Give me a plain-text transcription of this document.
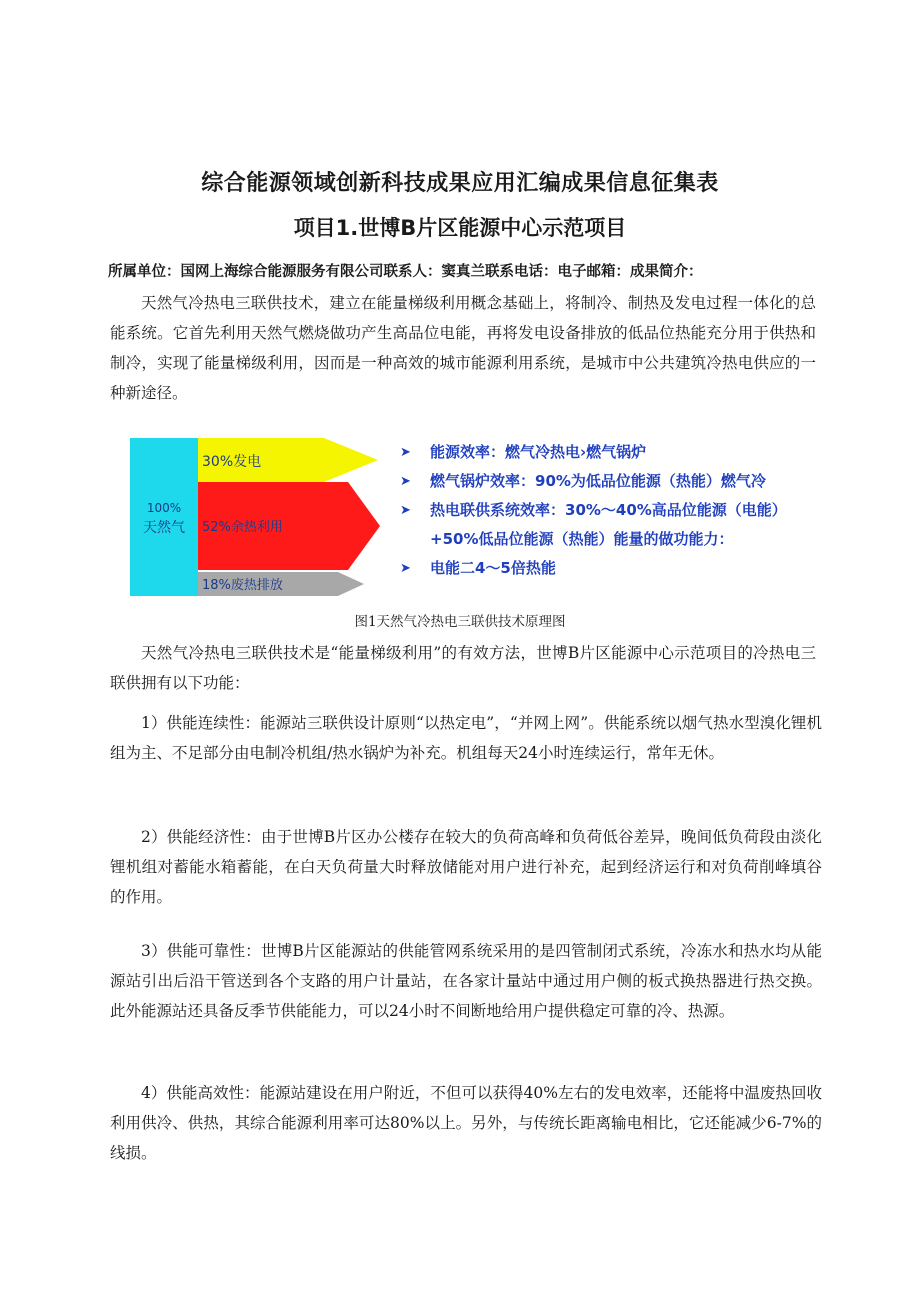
综合能源领域创新科技成果应用汇编成果信息征集表
项目1.世博B片区能源中心示范项目
所属单位：国网上海综合能源服务有限公司联系人：窦真兰联系电话：电子邮箱：成果简介：

天然气冷热电三联供技术，建立在能量梯级利用概念基础上，将制冷、制热及发电过程一体化的总能系统。它首先利用天然气燃烧做功产生高品位电能，再将发电设备排放的低品位热能充分用于供热和制冷，实现了能量梯级利用，因而是一种高效的城市能源利用系统，是城市中公共建筑冷热电供应的一种新途径。

100%
天然气
30%发电
52%余热利用
18%废热排放
➤ 能源效率：燃气冷热电›燃气锅炉
➤ 燃气锅炉效率：90%为低品位能源（热能）燃气冷
➤ 热电联供系统效率：30%～40%高品位能源（电能）+50%低品位能源（热能）能量的做功能力：
➤ 电能二4～5倍热能
图1天然气冷热电三联供技术原理图

天然气冷热电三联供技术是“能量梯级利用”的有效方法，世博B片区能源中心示范项目的冷热电三联供拥有以下功能：

1）供能连续性：能源站三联供设计原则“以热定电”，“并网上网”。供能系统以烟气热水型溴化锂机组为主、不足部分由电制冷机组/热水锅炉为补充。机组每天24小时连续运行，常年无休。

2）供能经济性：由于世博B片区办公楼存在较大的负荷高峰和负荷低谷差异，晚间低负荷段由淡化锂机组对蓄能水箱蓄能，在白天负荷量大时释放储能对用户进行补充，起到经济运行和对负荷削峰填谷的作用。

3）供能可靠性：世博B片区能源站的供能管网系统采用的是四管制闭式系统，冷冻水和热水均从能源站引出后沿干管送到各个支路的用户计量站，在各家计量站中通过用户侧的板式换热器进行热交换。此外能源站还具备反季节供能能力，可以24小时不间断地给用户提供稳定可靠的冷、热源。

4）供能高效性：能源站建设在用户附近，不但可以获得40%左右的发电效率，还能将中温废热回收利用供冷、供热，其综合能源利用率可达80%以上。另外，与传统长距离输电相比，它还能减少6-7%的线损。
